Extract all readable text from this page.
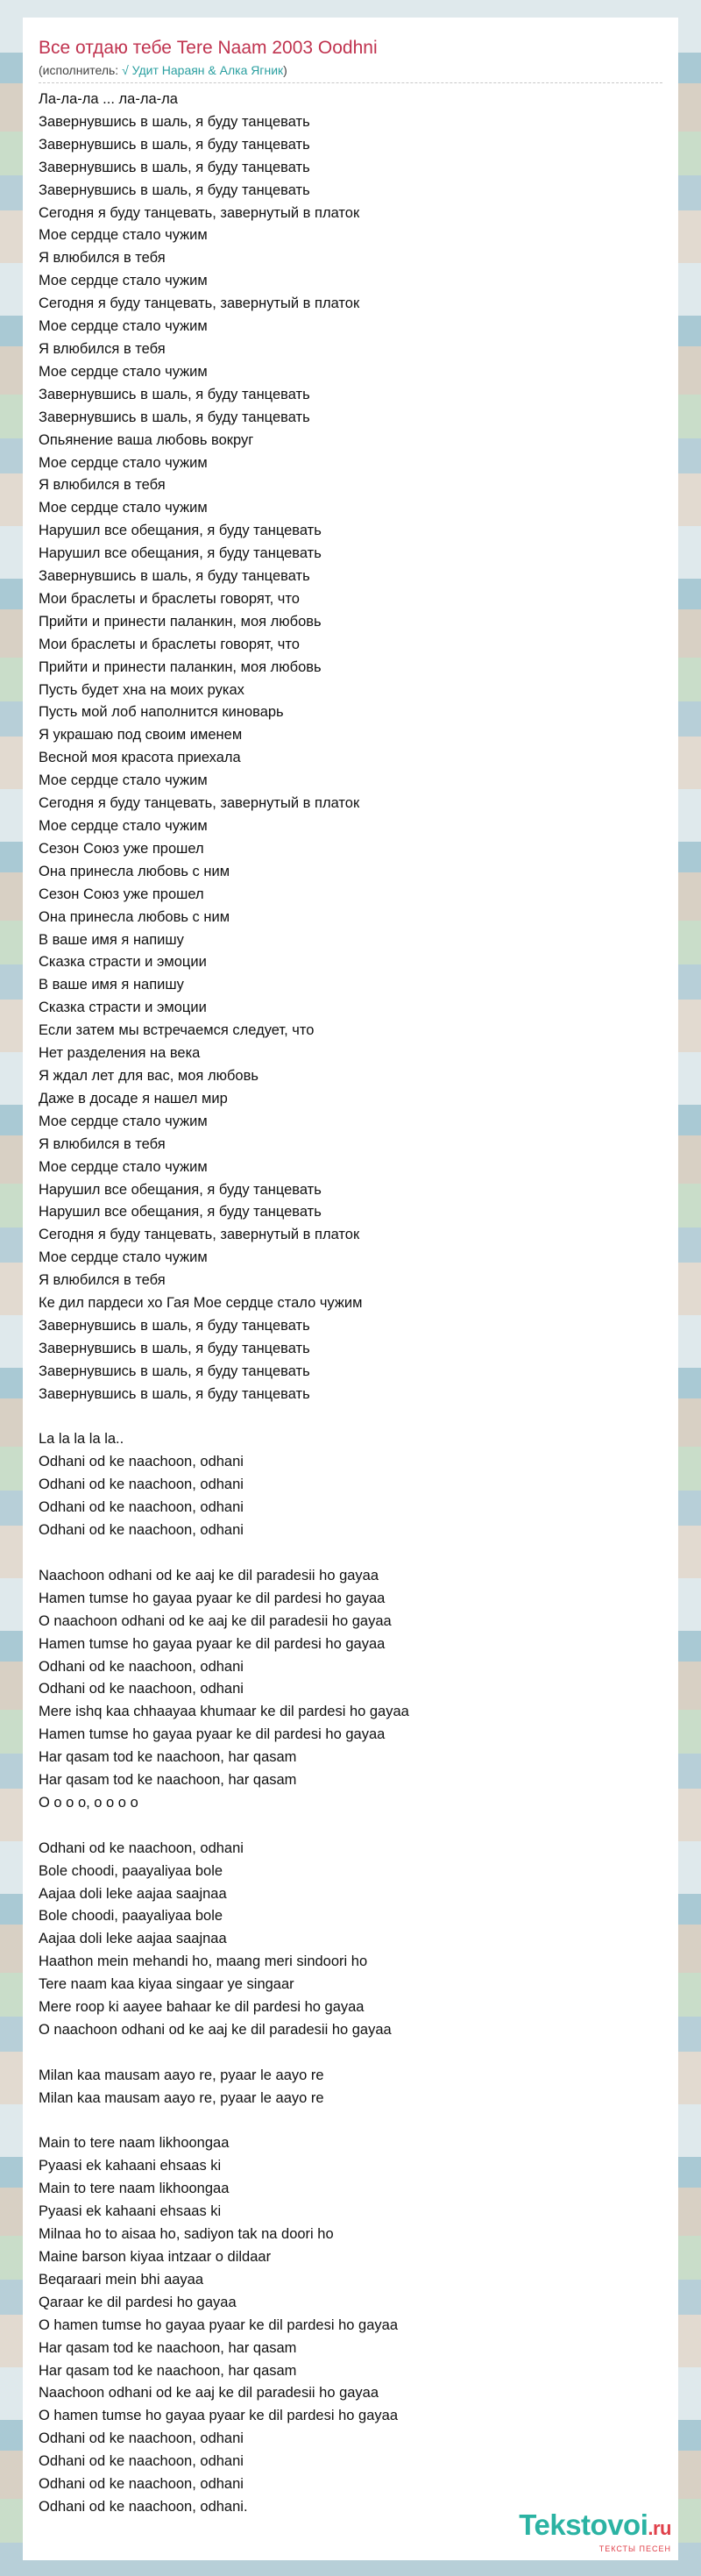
Все отдаю тебе Tere Naam 2003 Oodhni
(исполнитель: √ Удит Нараян & Алка Ягник)
Ла-ла-ла ... ла-ла-ла
Завернувшись в шаль, я буду танцевать
Завернувшись в шаль, я буду танцевать
Завернувшись в шаль, я буду танцевать
Завернувшись в шаль, я буду танцевать
Сегодня я буду танцевать, завернутый в платок
Мое сердце стало чужим
Я влюбился в тебя
Мое сердце стало чужим
Сегодня я буду танцевать, завернутый в платок
Мое сердце стало чужим
Я влюбился в тебя
Мое сердце стало чужим
Завернувшись в шаль, я буду танцевать
Завернувшись в шаль, я буду танцевать
Опьянение ваша любовь вокруг
Мое сердце стало чужим
Я влюбился в тебя
Мое сердце стало чужим
Нарушил все обещания, я буду танцевать
Нарушил все обещания, я буду танцевать
Завернувшись в шаль, я буду танцевать
Мои браслеты и браслеты говорят, что
Прийти и принести паланкин, моя любовь
Мои браслеты и браслеты говорят, что
Прийти и принести паланкин, моя любовь
Пусть будет хна на моих руках
Пусть мой лоб наполнится киноварь
Я украшаю под своим именем
Весной моя красота приехала
Мое сердце стало чужим
Сегодня я буду танцевать, завернутый в платок
Мое сердце стало чужим
Сезон Союз уже прошел
Она принесла любовь с ним
Сезон Союз уже прошел
Она принесла любовь с ним
В ваше имя я напишу
Сказка страсти и эмоции
В ваше имя я напишу
Сказка страсти и эмоции
Если затем мы встречаемся следует, что
Нет разделения на века
Я ждал лет для вас, моя любовь
Даже в досаде я нашел мир
Мое сердце стало чужим
Я влюбился в тебя
Мое сердце стало чужим
Нарушил все обещания, я буду танцевать
Нарушил все обещания, я буду танцевать
Сегодня я буду танцевать, завернутый в платок
Мое сердце стало чужим
Я влюбился в тебя
Ке дил пардеси хо Гая Мое сердце стало чужим
Завернувшись в шаль, я буду танцевать
Завернувшись в шаль, я буду танцевать
Завернувшись в шаль, я буду танцевать
Завернувшись в шаль, я буду танцевать
La la la la la..
Odhani od ke naachoon, odhani
Odhani od ke naachoon, odhani
Odhani od ke naachoon, odhani
Odhani od ke naachoon, odhani
Naachoon odhani od ke aaj ke dil paradesii ho gayaa
Hamen tumse ho gayaa pyaar ke dil pardesi ho gayaa
O naachoon odhani od ke aaj ke dil paradesii ho gayaa
Hamen tumse ho gayaa pyaar ke dil pardesi ho gayaa
Odhani od ke naachoon, odhani
Odhani od ke naachoon, odhani
Mere ishq kaa chhaayaa khumaar ke dil pardesi ho gayaa
Hamen tumse ho gayaa pyaar ke dil pardesi ho gayaa
Har qasam tod ke naachoon, har qasam
Har qasam tod ke naachoon, har qasam
O o o o, o o o o
Odhani od ke naachoon, odhani
Bole choodi, paayaliyaa bole
Aajaa doli leke aajaa saajnaa
Bole choodi, paayaliyaa bole
Aajaa doli leke aajaa saajnaa
Haathon mein mehandi ho, maang meri sindoori ho
Tere naam kaa kiyaa singaar ye singaar
Mere roop ki aayee bahaar ke dil pardesi ho gayaa
O naachoon odhani od ke aaj ke dil paradesii ho gayaa
Milan kaa mausam aayo re, pyaar le aayo re
Milan kaa mausam aayo re, pyaar le aayo re
Main to tere naam likhoongaa
Pyaasi ek kahaani ehsaas ki
Main to tere naam likhoongaa
Pyaasi ek kahaani ehsaas ki
Milnaa ho to aisaa ho, sadiyon tak na doori ho
Maine barson kiyaa intzaar o dildaar
Beqaraari mein bhi aayaa
Qaraar ke dil pardesi ho gayaa
O hamen tumse ho gayaa pyaar ke dil pardesi ho gayaa
Har qasam tod ke naachoon, har qasam
Har qasam tod ke naachoon, har qasam
Naachoon odhani od ke aaj ke dil paradesii ho gayaa
O hamen tumse ho gayaa pyaar ke dil pardesi ho gayaa
Odhani od ke naachoon, odhani
Odhani od ke naachoon, odhani
Odhani od ke naachoon, odhani
Odhani od ke naachoon, odhani.
Tekstovoi.ru
ТЕКСТЫ ПЕСЕН
